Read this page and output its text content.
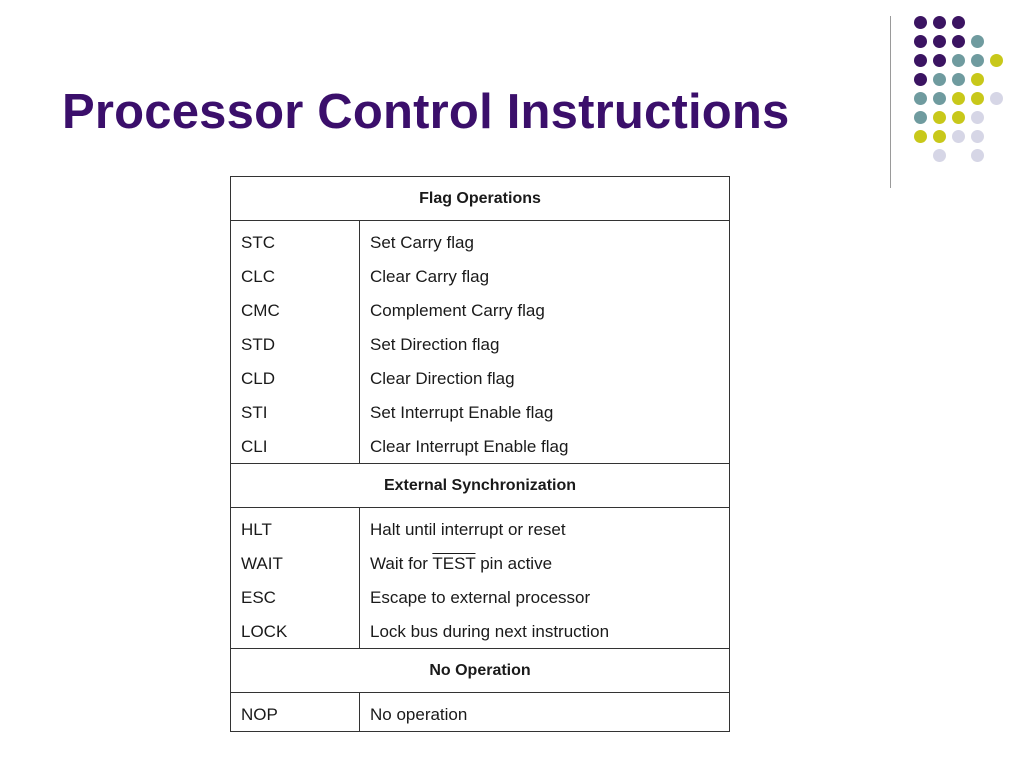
Processor Control Instructions
Flag Operations	
STC	Set Carry flag
CLC	Clear Carry flag
CMC	Complement Carry flag
STD	Set Direction flag
CLD	Clear Direction flag
STI	Set Interrupt Enable flag
CLI	Clear Interrupt Enable flag
External Synchronization	
HLT	Halt until interrupt or reset
WAIT	Wait for TEST pin active
ESC	Escape to external processor
LOCK	Lock bus during next instruction
No Operation	
NOP	No operation
